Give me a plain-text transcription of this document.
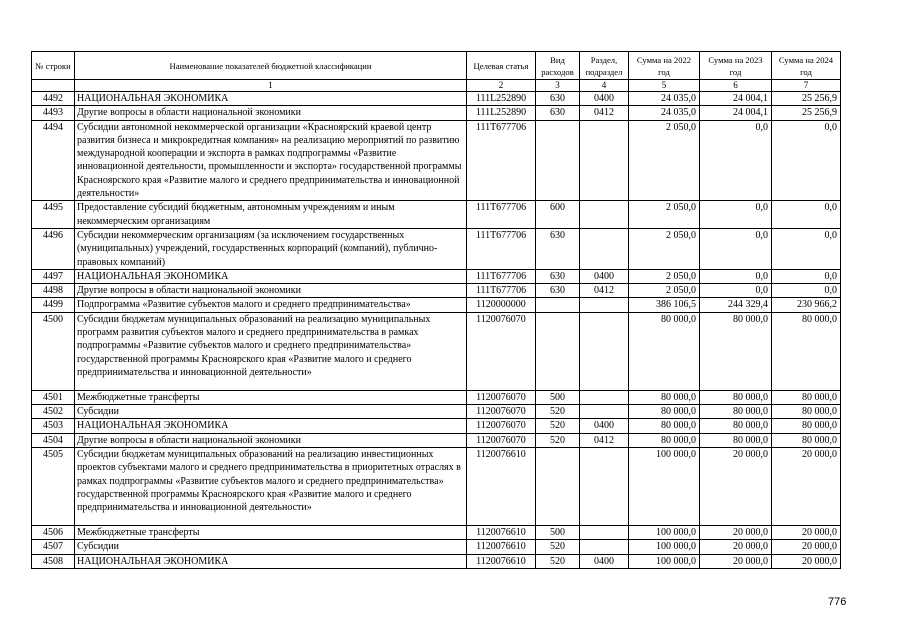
№ строки	Наименование показателей бюджетной классификации	Целевая статья	Вид расходов	Раздел, подраздел	Сумма на 2022 год	Сумма на 2023 год	Сумма на 2024 год
	1	2	3	4	5	6	7
4492	НАЦИОНАЛЬНАЯ ЭКОНОМИКА	111L252890	630	0400	24 035,0	24 004,1	25 256,9
4493	Другие вопросы в области национальной экономики	111L252890	630	0412	24 035,0	24 004,1	25 256,9
4494	Субсидии автономной некоммерческой организации «Красноярский краевой центр развития бизнеса и микрокредитная компания» на реализацию мероприятий по развитию международной кооперации и экспорта в рамках подпрограммы «Развитие инновационной деятельности, промышленности и экспорта» государственной программы Красноярского края «Развитие малого и среднего предпринимательства и инновационной деятельности»	111T677706			2 050,0	0,0	0,0
4495	Предоставление субсидий бюджетным, автономным учреждениям и иным некоммерческим организациям	111T677706	600		2 050,0	0,0	0,0
4496	Субсидии некоммерческим организациям (за исключением государственных (муниципальных) учреждений, государственных корпораций (компаний), публично-правовых компаний)	111T677706	630		2 050,0	0,0	0,0
4497	НАЦИОНАЛЬНАЯ ЭКОНОМИКА	111T677706	630	0400	2 050,0	0,0	0,0
4498	Другие вопросы в области национальной экономики	111T677706	630	0412	2 050,0	0,0	0,0
4499	Подпрограмма «Развитие субъектов малого и среднего предпринимательства»	1120000000			386 106,5	244 329,4	230 966,2
4500	Субсидии бюджетам муниципальных образований на реализацию муниципальных программ развития субъектов малого и среднего предпринимательства в рамках подпрограммы «Развитие субъектов малого и среднего предпринимательства» государственной программы Красноярского края «Развитие малого и среднего предпринимательства и инновационной деятельности»	1120076070			80 000,0	80 000,0	80 000,0
4501	Межбюджетные трансферты	1120076070	500		80 000,0	80 000,0	80 000,0
4502	Субсидии	1120076070	520		80 000,0	80 000,0	80 000,0
4503	НАЦИОНАЛЬНАЯ ЭКОНОМИКА	1120076070	520	0400	80 000,0	80 000,0	80 000,0
4504	Другие вопросы в области национальной экономики	1120076070	520	0412	80 000,0	80 000,0	80 000,0
4505	Субсидии бюджетам муниципальных образований на реализацию инвестиционных проектов субъектами малого и среднего предпринимательства в приоритетных отраслях в рамках подпрограммы «Развитие субъектов малого и среднего предпринимательства» государственной программы Красноярского края «Развитие малого и среднего предпринимательства и инновационной деятельности»	1120076610			100 000,0	20 000,0	20 000,0
4506	Межбюджетные трансферты	1120076610	500		100 000,0	20 000,0	20 000,0
4507	Субсидии	1120076610	520		100 000,0	20 000,0	20 000,0
4508	НАЦИОНАЛЬНАЯ ЭКОНОМИКА	1120076610	520	0400	100 000,0	20 000,0	20 000,0
776
